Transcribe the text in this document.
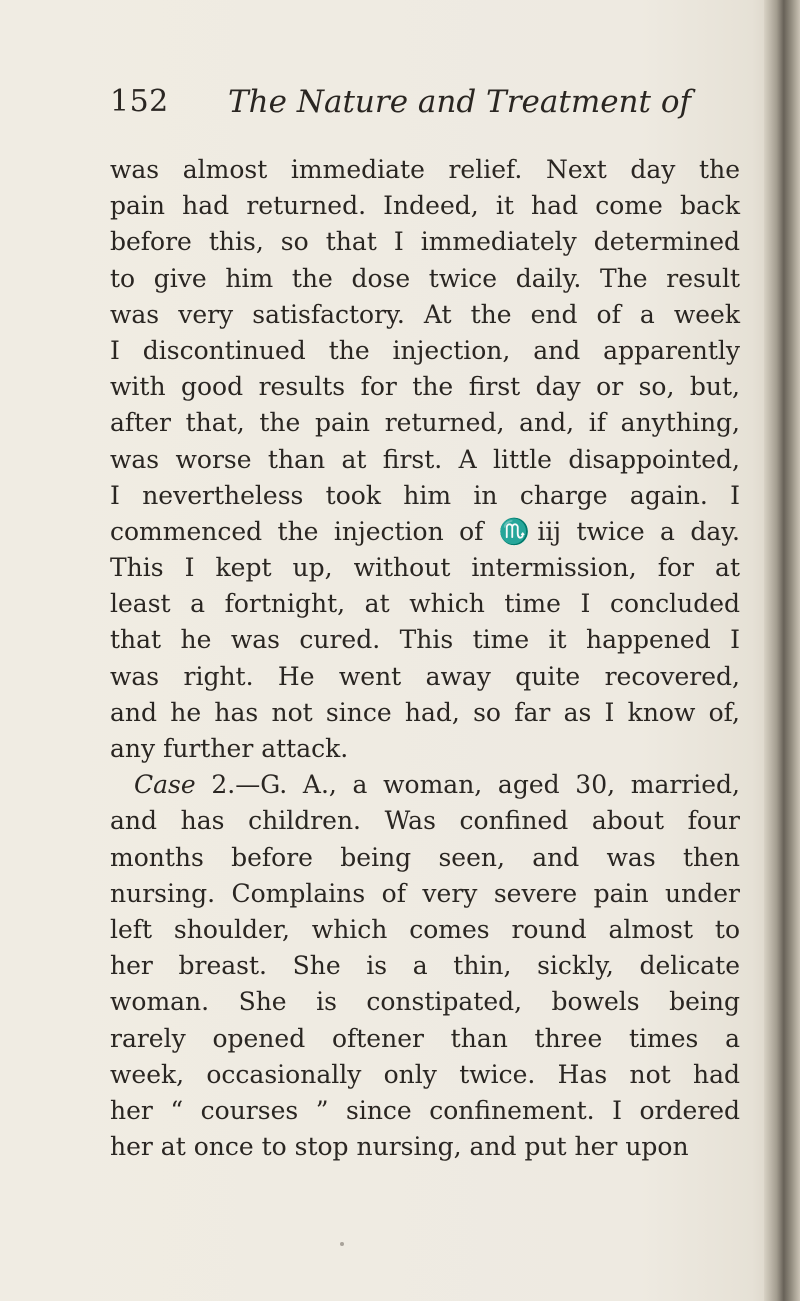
152 The Nature and Treatment of
was almost immediate relief. Next day the
pain had returned. Indeed, it had come back
before this, so that I immediately determined
to give him the dose twice daily. The result
was very satisfactory. At the end of a week
I discontinued the injection, and apparently
with good results for the first day or so, but,
after that, the pain returned, and, if anything,
was worse than at first. A little disappointed,
I nevertheless took him in charge again. I
commenced the injection of ♏iij twice a day.
This I kept up, without intermission, for at
least a fortnight, at which time I concluded
that he was cured. This time it happened I
was right. He went away quite recovered,
and he has not since had, so far as I know of,
any further attack.
Case 2.—G. A., a woman, aged 30, married,
and has children. Was confined about four
months before being seen, and was then
nursing. Complains of very severe pain under
left shoulder, which comes round almost to
her breast. She is a thin, sickly, delicate
woman. She is constipated, bowels being
rarely opened oftener than three times a
week, occasionally only twice. Has not had
her “ courses ” since confinement. I ordered
her at once to stop nursing, and put her upon
